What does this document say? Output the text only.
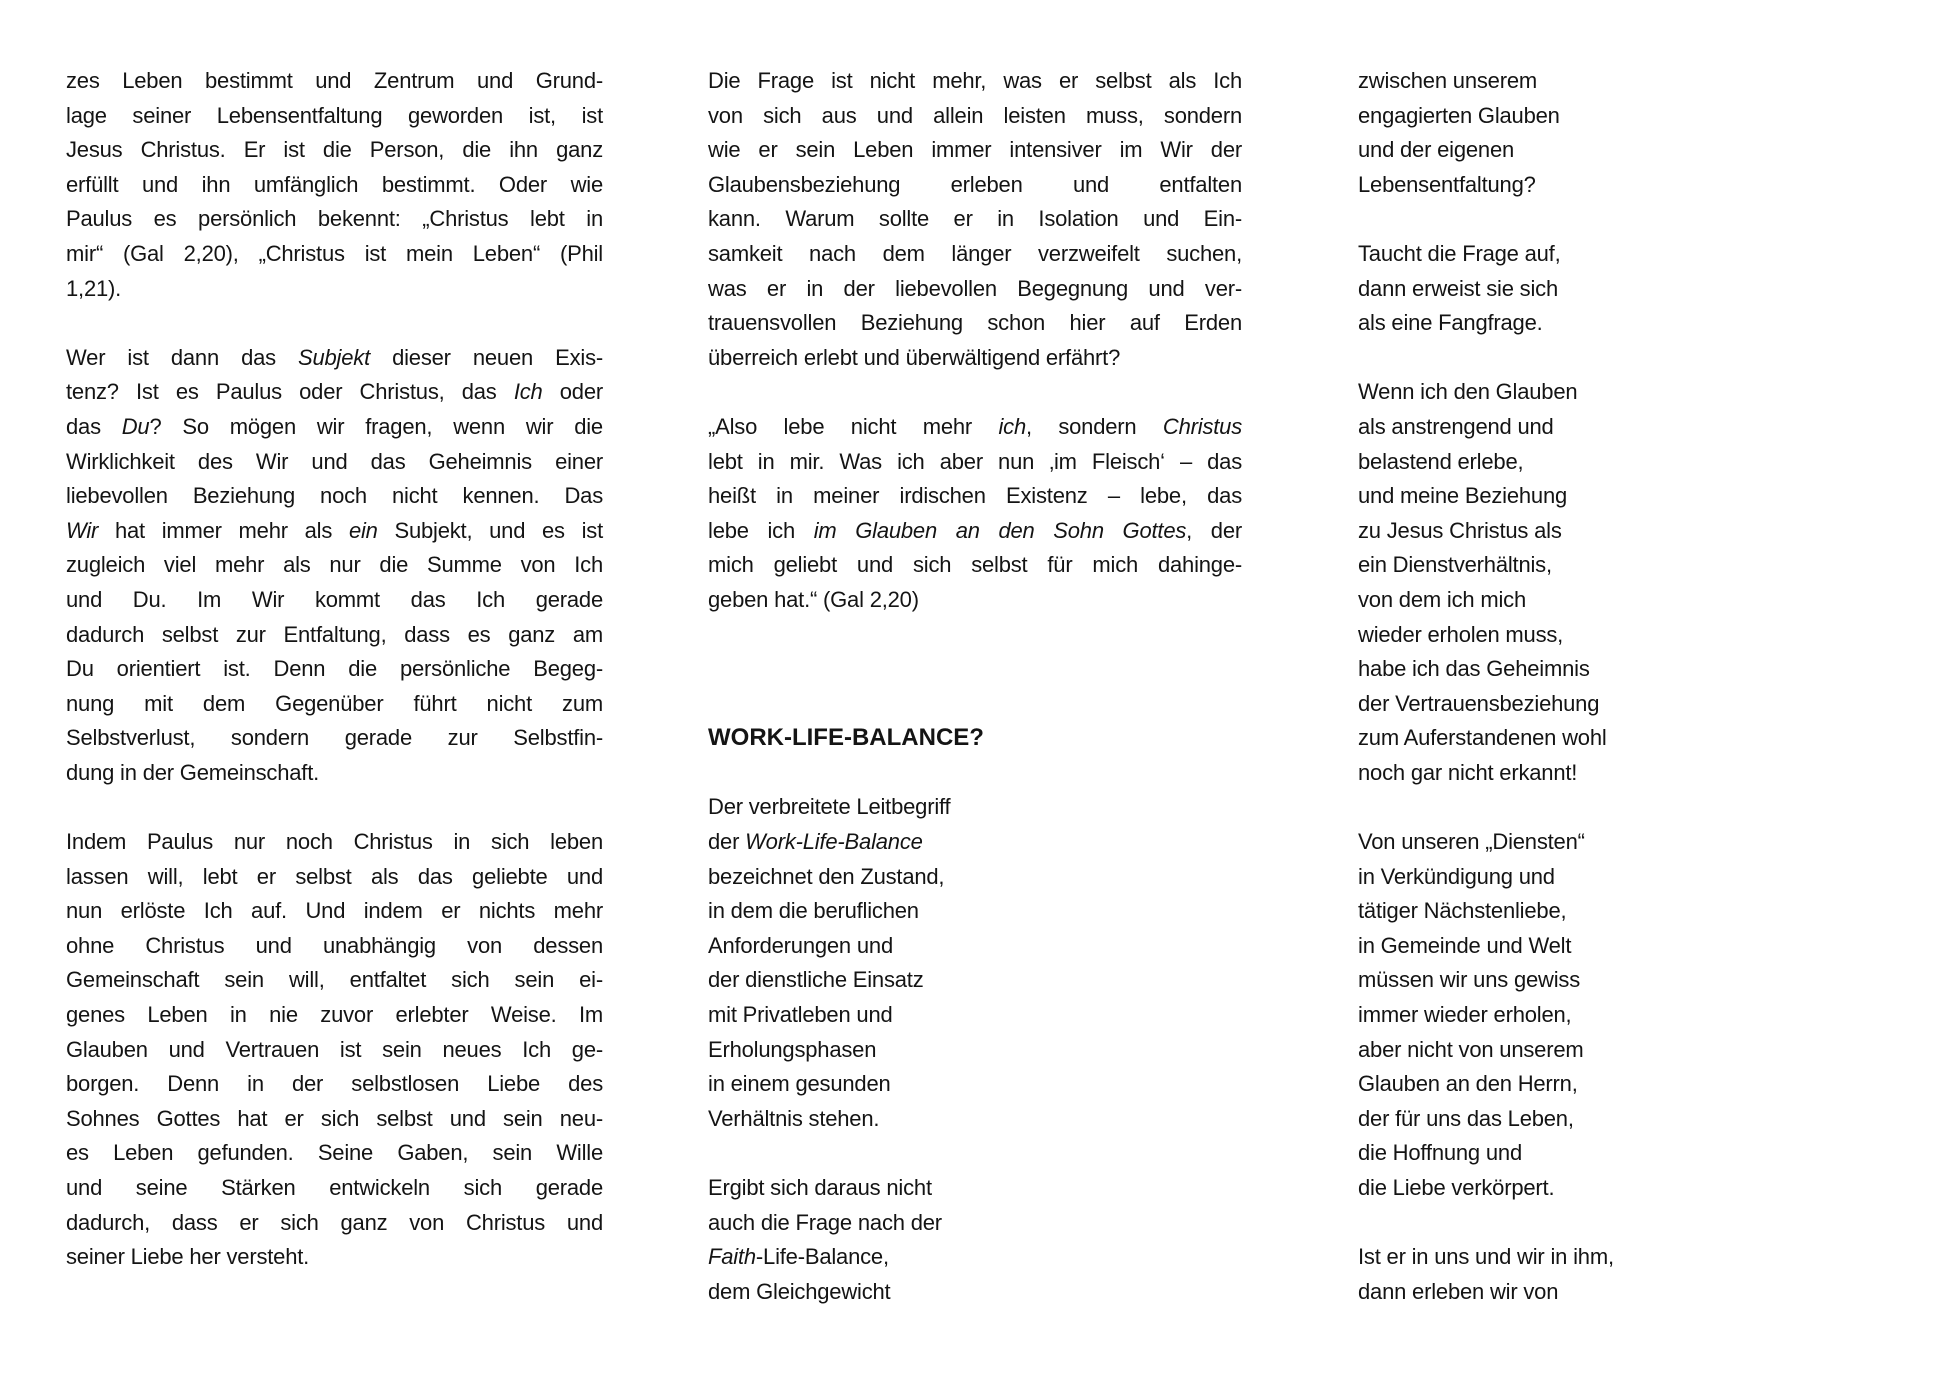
zes Leben bestimmt und Zentrum und Grund-
lage seiner Lebensentfaltung geworden ist, ist
Jesus Christus. Er ist die Person, die ihn ganz
erfüllt und ihn umfänglich bestimmt. Oder wie
Paulus es persönlich bekennt: „Christus lebt in
mir“ (Gal 2,20), „Christus ist mein Leben“ (Phil
1,21).
Wer ist dann das Subjekt dieser neuen Exis-
tenz? Ist es Paulus oder Christus, das Ich oder
das Du? So mögen wir fragen, wenn wir die
Wirklichkeit des Wir und das Geheimnis einer
liebevollen Beziehung noch nicht kennen. Das
Wir hat immer mehr als ein Subjekt, und es ist
zugleich viel mehr als nur die Summe von Ich
und Du. Im Wir kommt das Ich gerade
dadurch selbst zur Entfaltung, dass es ganz am
Du orientiert ist. Denn die persönliche Begeg-
nung mit dem Gegenüber führt nicht zum
Selbstverlust, sondern gerade zur Selbstfin-
dung in der Gemeinschaft.
Indem Paulus nur noch Christus in sich leben
lassen will, lebt er selbst als das geliebte und
nun erlöste Ich auf. Und indem er nichts mehr
ohne Christus und unabhängig von dessen
Gemeinschaft sein will, entfaltet sich sein ei-
genes Leben in nie zuvor erlebter Weise. Im
Glauben und Vertrauen ist sein neues Ich ge-
borgen. Denn in der selbstlosen Liebe des
Sohnes Gottes hat er sich selbst und sein neu-
es Leben gefunden. Seine Gaben, sein Wille
und seine Stärken entwickeln sich gerade
dadurch, dass er sich ganz von Christus und
seiner Liebe her versteht.
Die Frage ist nicht mehr, was er selbst als Ich
von sich aus und allein leisten muss, sondern
wie er sein Leben immer intensiver im Wir der
Glaubensbeziehung erleben und entfalten
kann. Warum sollte er in Isolation und Ein-
samkeit nach dem länger verzweifelt suchen,
was er in der liebevollen Begegnung und ver-
trauensvollen Beziehung schon hier auf Erden
überreich erlebt und überwältigend erfährt?
„Also lebe nicht mehr ich, sondern Christus
lebt in mir. Was ich aber nun ‚im Fleisch‘ – das
heißt in meiner irdischen Existenz – lebe, das
lebe ich im Glauben an den Sohn Gottes, der
mich geliebt und sich selbst für mich dahinge-
geben hat.“ (Gal 2,20)
WORK-LIFE-BALANCE?
Der verbreitete Leitbegriff
der Work-Life-Balance
bezeichnet den Zustand,
in dem die beruflichen
Anforderungen und
der dienstliche Einsatz
mit Privatleben und
Erholungsphasen
in einem gesunden
Verhältnis stehen.
Ergibt sich daraus nicht
auch die Frage nach der
Faith-Life-Balance,
dem Gleichgewicht
zwischen unserem
engagierten Glauben
und der eigenen
Lebensentfaltung?
Taucht die Frage auf,
dann erweist sie sich
als eine Fangfrage.
Wenn ich den Glauben
als anstrengend und
belastend erlebe,
und meine Beziehung
zu Jesus Christus als
ein Dienstverhältnis,
von dem ich mich
wieder erholen muss,
habe ich das Geheimnis
der Vertrauensbeziehung
zum Auferstandenen wohl
noch gar nicht erkannt!
Von unseren „Diensten“
in Verkündigung und
tätiger Nächstenliebe,
in Gemeinde und Welt
müssen wir uns gewiss
immer wieder erholen,
aber nicht von unserem
Glauben an den Herrn,
der für uns das Leben,
die Hoffnung und
die Liebe verkörpert.
Ist er in uns und wir in ihm,
dann erleben wir von
